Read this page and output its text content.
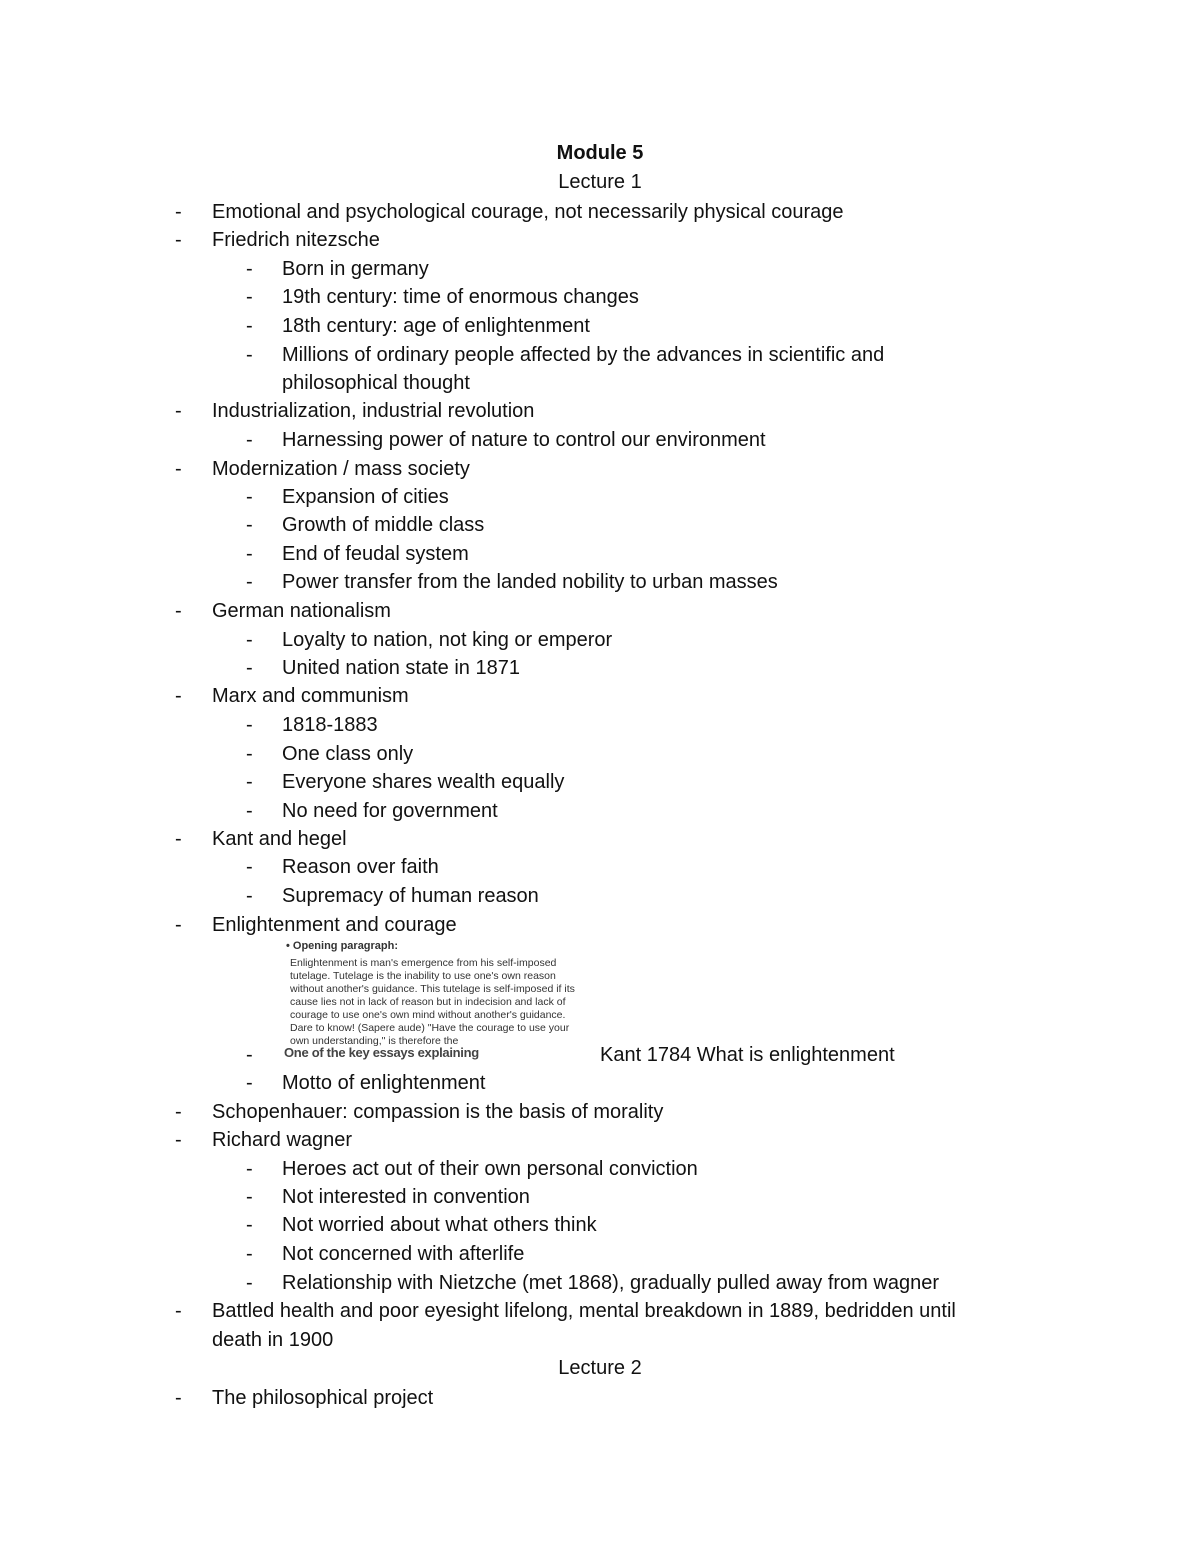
Module 5
Lecture 1
- Emotional and psychological courage, not necessarily physical courage
- Friedrich nitezsche
- Born in germany
- 19th century: time of enormous changes
- 18th century: age of enlightenment
- Millions of ordinary people affected by the advances in scientific and
philosophical thought
- Industrialization, industrial revolution
- Harnessing power of nature to control our environment
- Modernization / mass society
- Expansion of cities
- Growth of middle class
- End of feudal system
- Power transfer from the landed nobility to urban masses
- German nationalism
- Loyalty to nation, not king or emperor
- United nation state in 1871
- Marx and communism
- 1818-1883
- One class only
- Everyone shares wealth equally
- No need for government
- Kant and hegel
- Reason over faith
- Supremacy of human reason
- Enlightenment and courage
-
• Opening paragraph:
Enlightenment is man's emergence from his self-imposed tutelage. Tutelage is the inability to use one's own reason without another's guidance. This tutelage is self-imposed if its cause lies not in lack of reason but in indecision and lack of courage to use one's own mind without another's guidance. Dare to know! (Sapere aude) "Have the courage to use your own understanding," is therefore the
One of the key essays explaining	Kant 1784 What is enlightenment
- Motto of enlightenment
- Schopenhauer: compassion is the basis of morality
- Richard wagner
- Heroes act out of their own personal conviction
- Not interested in convention
- Not worried about what others think
- Not concerned with afterlife
- Relationship with Nietzche (met 1868), gradually pulled away from wagner
- Battled health and poor eyesight lifelong, mental breakdown in 1889, bedridden until
death in 1900
Lecture 2
- The philosophical project
